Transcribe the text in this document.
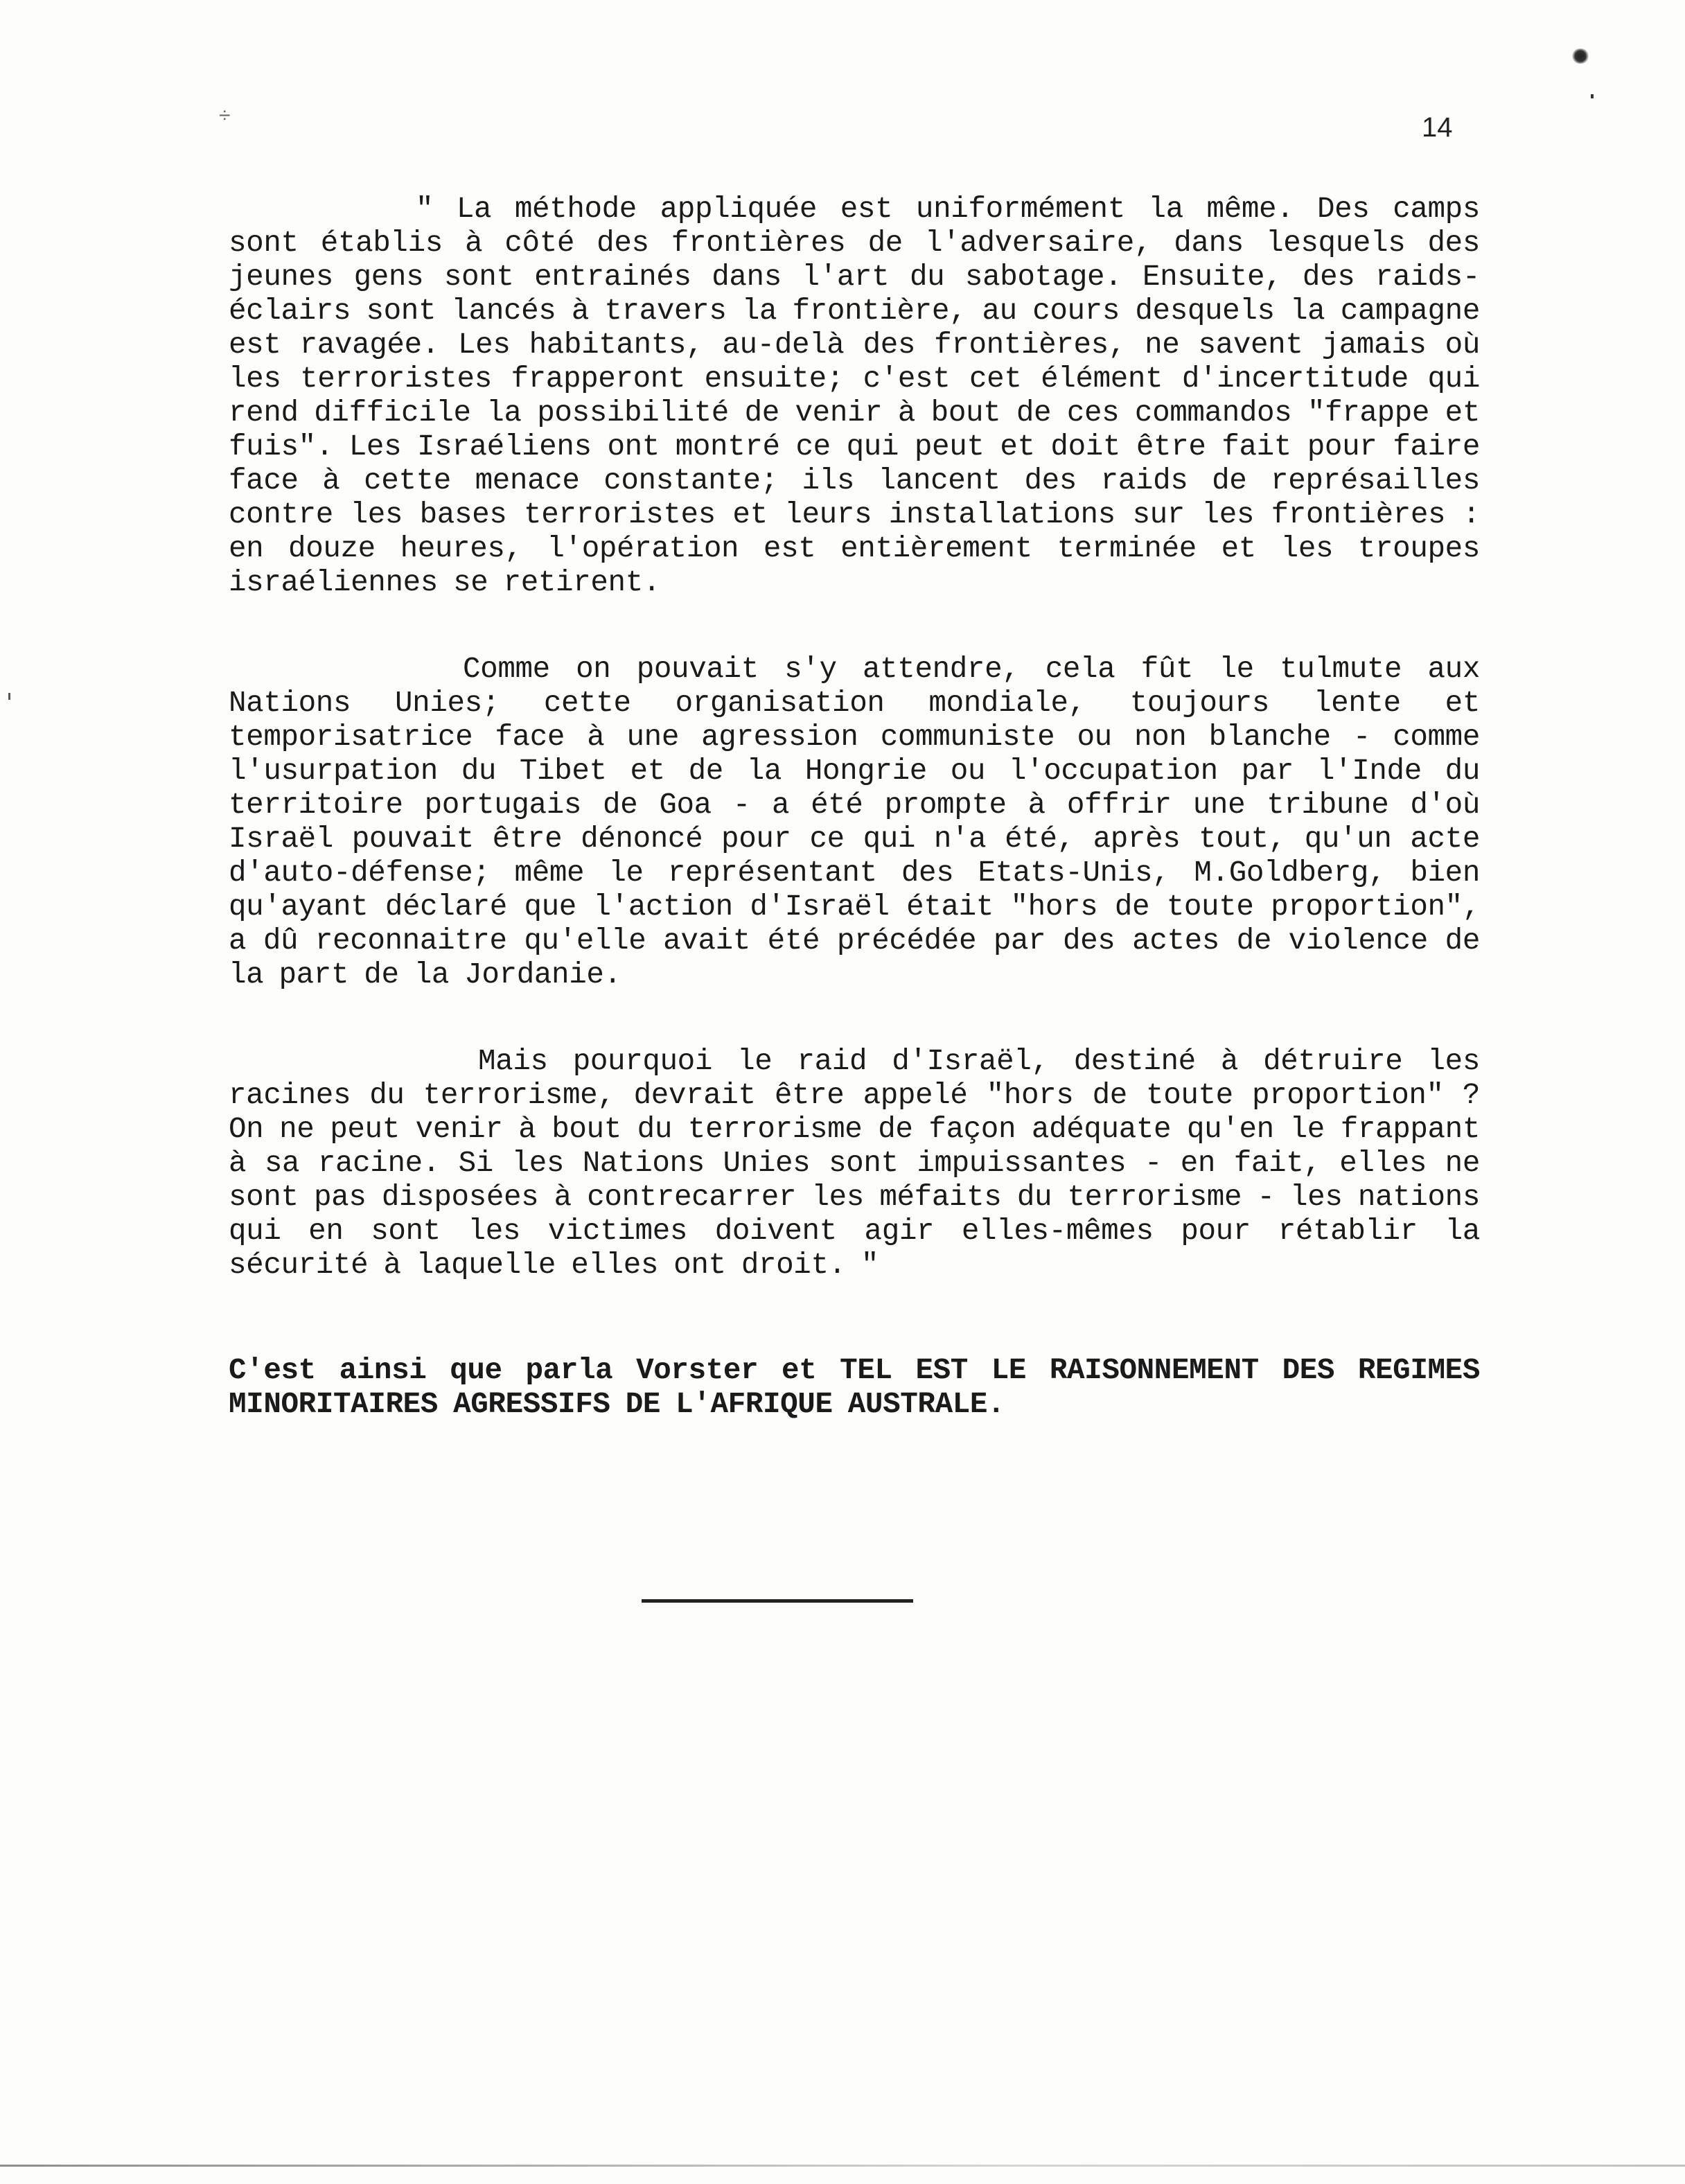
÷	14

" La méthode appliquée est uniformément la même. Des camps sont établis à côté des frontières de l'adversaire, dans lesquels des jeunes gens sont entrainés dans l'art du sabotage. Ensuite, des raids-éclairs sont lancés à travers la frontière, au cours desquels la campagne est ravagée. Les habitants, au-delà des frontières, ne savent jamais où les terroristes frapperont ensuite; c'est cet élément d'incertitude qui rend difficile la possibilité de venir à bout de ces commandos "frappe et fuis". Les Israéliens ont montré ce qui peut et doit être fait pour faire face à cette menace constante; ils lancent des raids de représailles contre les bases terroristes et leurs installations sur les frontières : en douze heures, l'opération est entièrement terminée et les troupes israéliennes se retirent.

Comme on pouvait s'y attendre, cela fût le tulmute aux Nations Unies; cette organisation mondiale, toujours lente et temporisatrice face à une agression communiste ou non blanche - comme l'usurpation du Tibet et de la Hongrie ou l'occupation par l'Inde du territoire portugais de Goa - a été prompte à offrir une tribune d'où Israël pouvait être dénoncé pour ce qui n'a été, après tout, qu'un acte d'auto-défense; même le représentant des Etats-Unis, M.Goldberg, bien qu'ayant déclaré que l'action d'Israël était "hors de toute proportion", a dû reconnaitre qu'elle avait été précédée par des actes de violence de la part de la Jordanie.

Mais pourquoi le raid d'Israël, destiné à détruire les racines du terrorisme, devrait être appelé "hors de toute proportion" ? On ne peut venir à bout du terrorisme de façon adéquate qu'en le frappant à sa racine. Si les Nations Unies sont impuissantes - en fait, elles ne sont pas disposées à contrecarrer les méfaits du terrorisme - les nations qui en sont les victimes doivent agir elles-mêmes pour rétablir la sécurité à laquelle elles ont droit. "

C'est ainsi que parla Vorster et TEL EST LE RAISONNEMENT DES REGIMES MINORITAIRES AGRESSIFS DE L'AFRIQUE AUSTRALE.
